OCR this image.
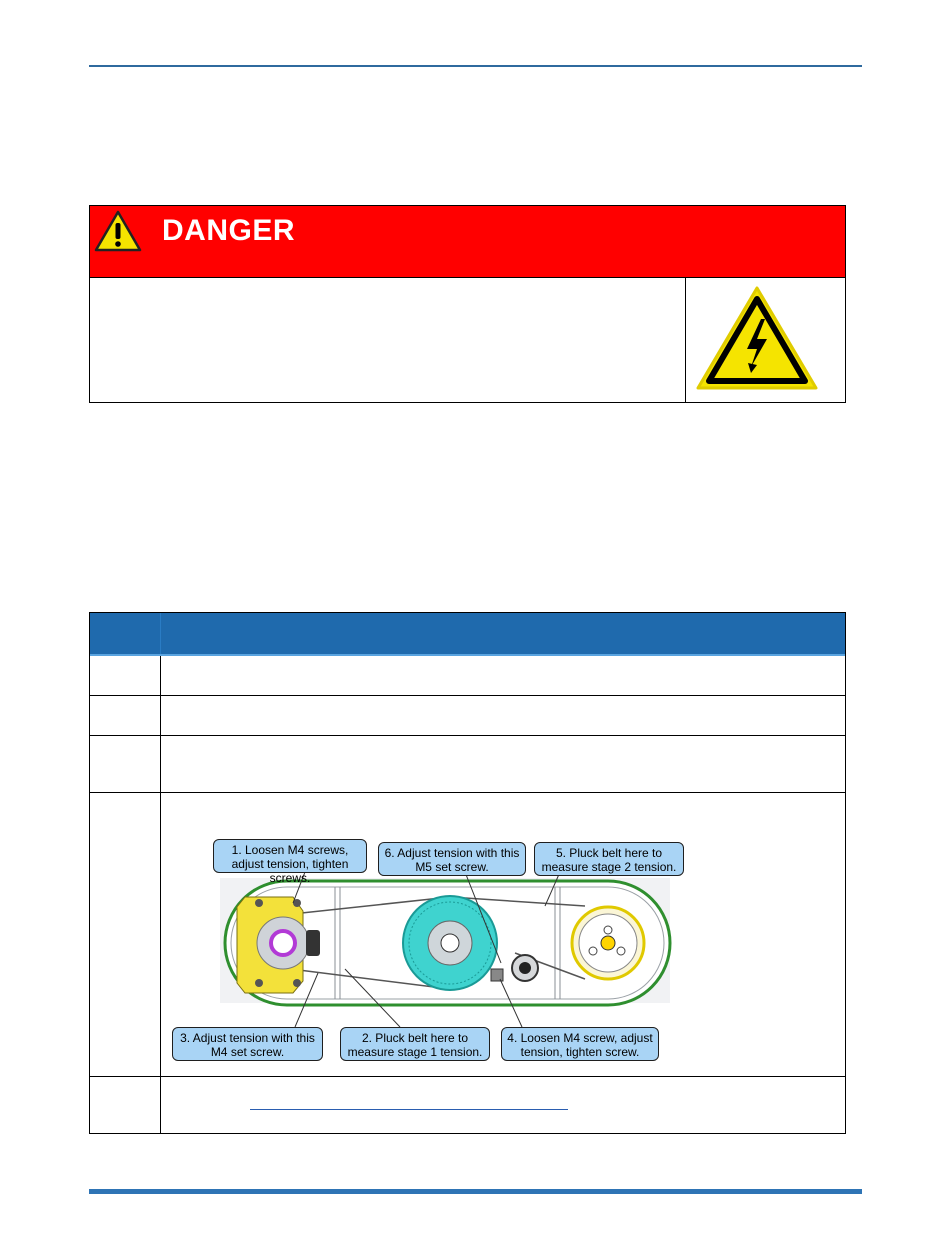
DANGER
1. Loosen M4 screws, adjust tension, tighten screws.
6. Adjust tension with this M5 set screw.
5. Pluck belt here to measure stage 2 tension.
3. Adjust tension with this M4 set screw.
2. Pluck belt here to measure stage 1 tension.
4. Loosen M4 screw, adjust tension, tighten screw.
